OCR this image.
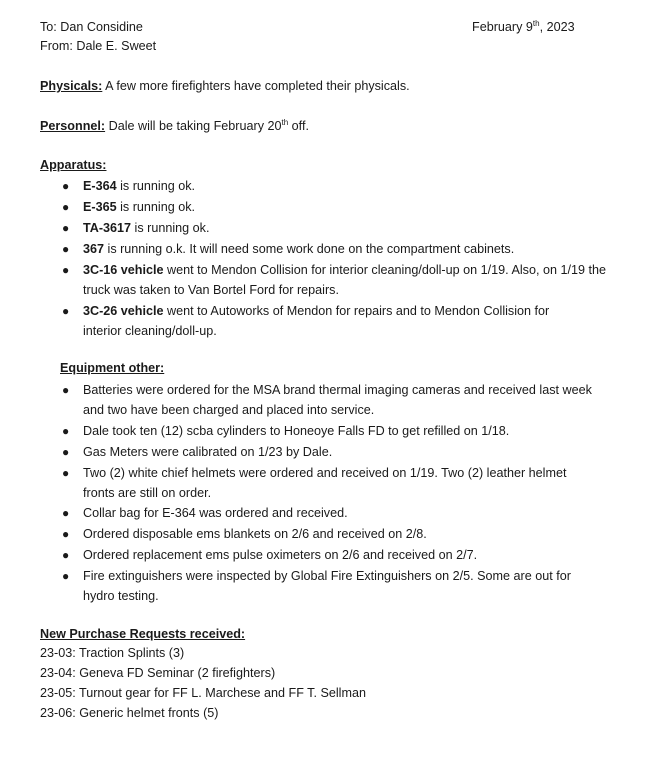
To: Dan Considine
From: Dale E. Sweet
February 9th, 2023
Physicals: A few more firefighters have completed their physicals.
Personnel: Dale will be taking February 20th off.
Apparatus:
● E-364 is running ok.
● E-365 is running ok.
● TA-3617 is running ok.
● 367 is running o.k. It will need some work done on the compartment cabinets.
● 3C-16 vehicle went to Mendon Collision for interior cleaning/doll-up on 1/19. Also, on 1/19 the truck was taken to Van Bortel Ford for repairs.
● 3C-26 vehicle went to Autoworks of Mendon for repairs and to Mendon Collision for interior cleaning/doll-up.
Equipment other:
● Batteries were ordered for the MSA brand thermal imaging cameras and received last week and two have been charged and placed into service.
● Dale took ten (12) scba cylinders to Honeoye Falls FD to get refilled on 1/18.
● Gas Meters were calibrated on 1/23 by Dale.
● Two (2) white chief helmets were ordered and received on 1/19. Two (2) leather helmet fronts are still on order.
● Collar bag for E-364 was ordered and received.
● Ordered disposable ems blankets on 2/6 and received on 2/8.
● Ordered replacement ems pulse oximeters on 2/6 and received on 2/7.
● Fire extinguishers were inspected by Global Fire Extinguishers on 2/5. Some are out for hydro testing.
New Purchase Requests received:
23-03: Traction Splints (3)
23-04: Geneva FD Seminar (2 firefighters)
23-05: Turnout gear for FF L. Marchese and FF T. Sellman
23-06: Generic helmet fronts (5)
